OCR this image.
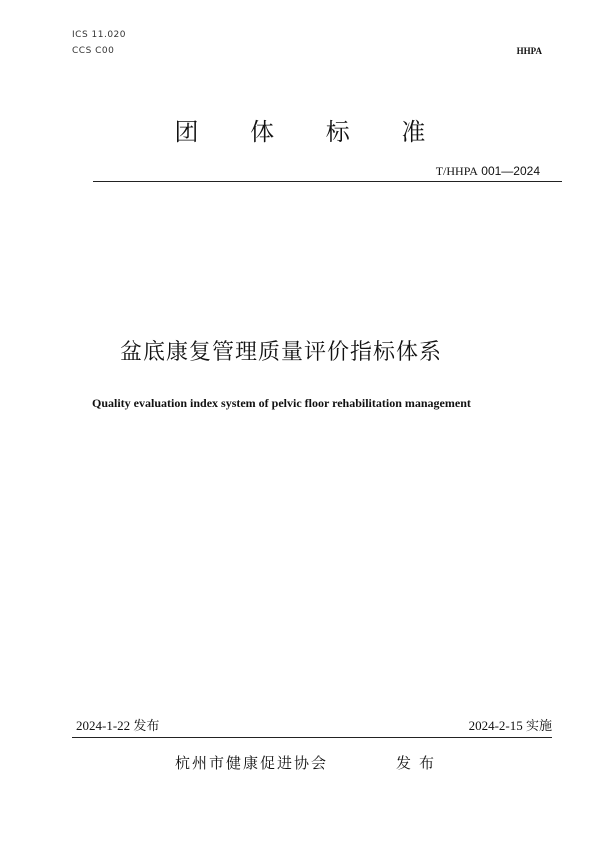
ICS 11.020
CCS C00	HHPA
团 体 标 准
T/HHPA 001—2024
盆底康复管理质量评价指标体系
Quality evaluation index system of pelvic floor rehabilitation management
2024-1-22 发布	2024-2-15 实施
杭州市健康促进协会	发布
